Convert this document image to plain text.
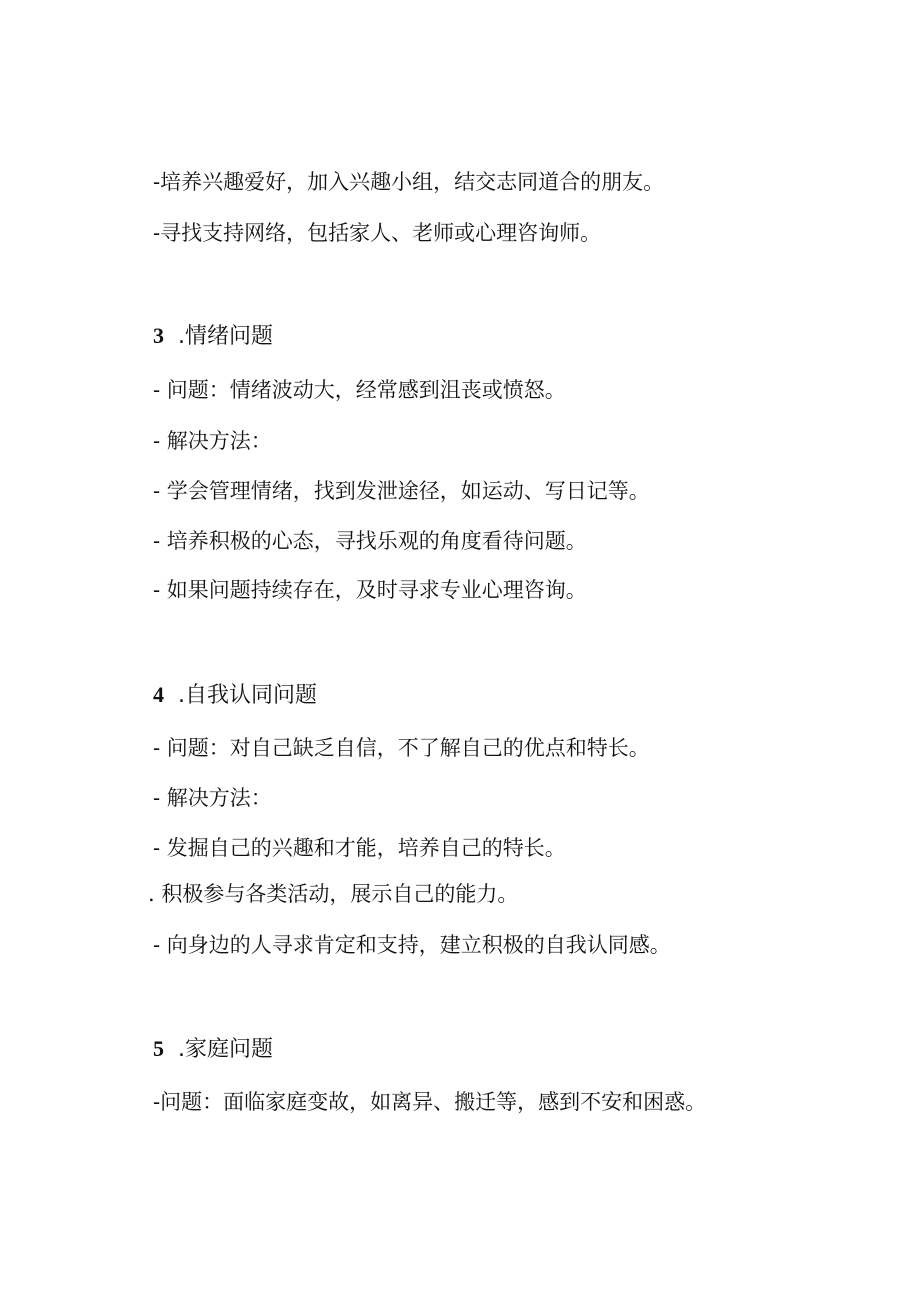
-培养兴趣爱好，加入兴趣小组，结交志同道合的朋友。
-寻找支持网络，包括家人、老师或心理咨询师。
3 .情绪问题
- 问题：情绪波动大，经常感到沮丧或愤怒。
- 解决方法：
- 学会管理情绪，找到发泄途径，如运动、写日记等。
- 培养积极的心态，寻找乐观的角度看待问题。
- 如果问题持续存在，及时寻求专业心理咨询。
4 .自我认同问题
- 问题：对自己缺乏自信，不了解自己的优点和特长。
- 解决方法：
- 发掘自己的兴趣和才能，培养自己的特长。
. 积极参与各类活动，展示自己的能力。
- 向身边的人寻求肯定和支持，建立积极的自我认同感。
5 .家庭问题
-问题：面临家庭变故，如离异、搬迁等，感到不安和困惑。
